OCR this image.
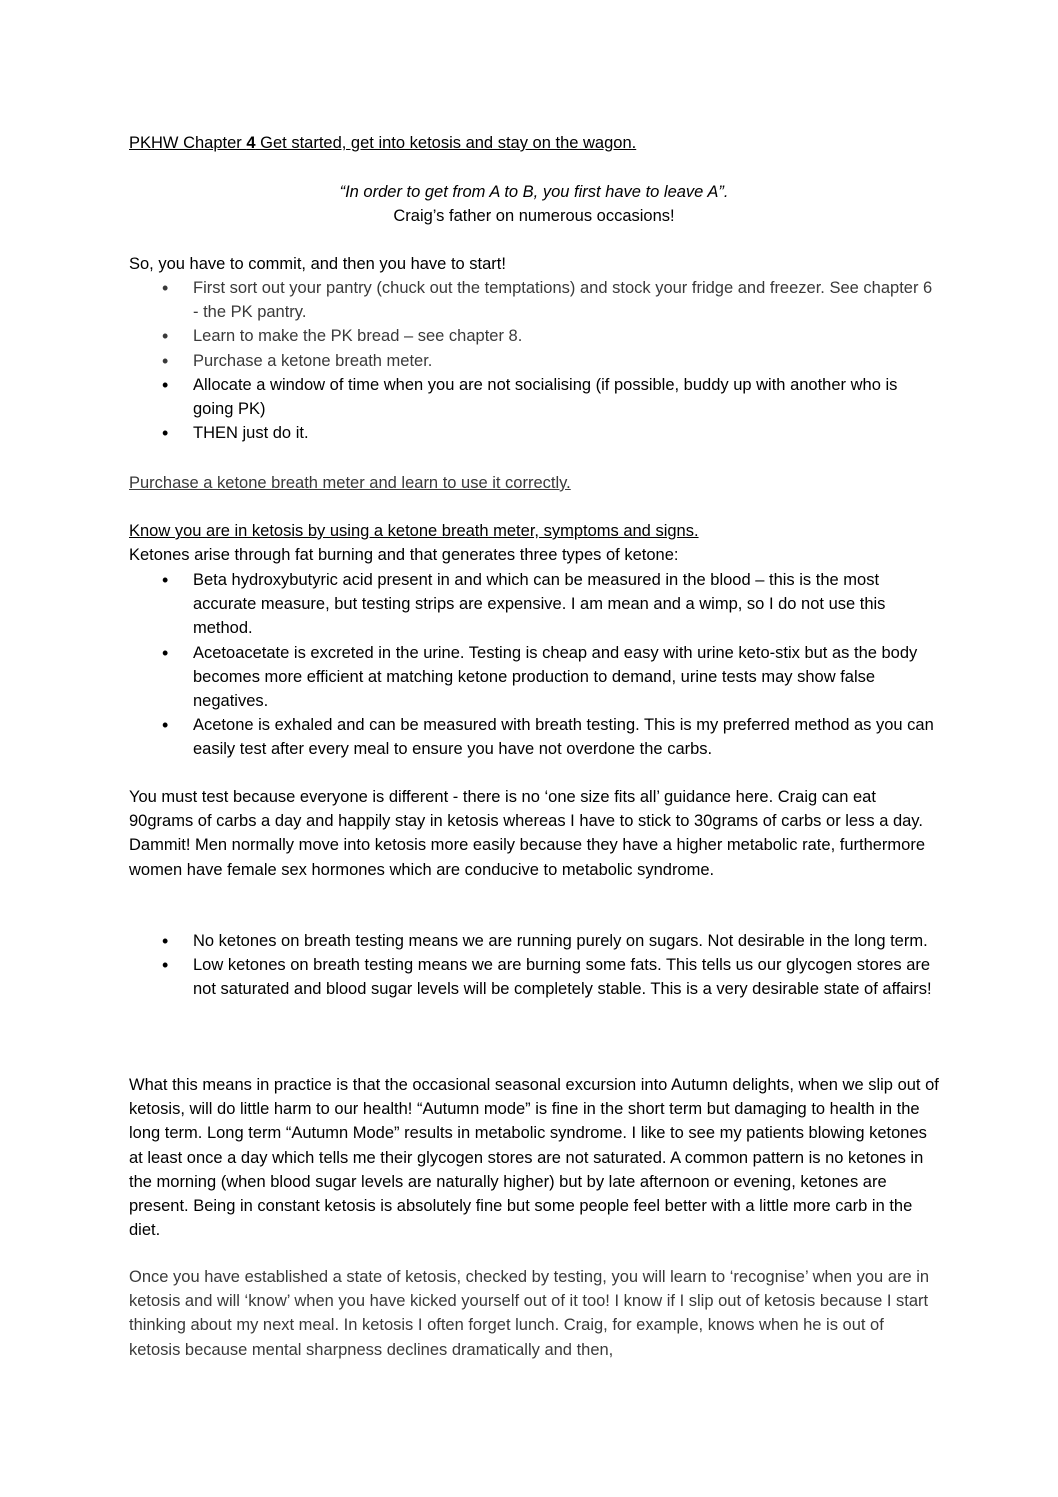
PKHW Chapter 4 Get started, get into ketosis and stay on the wagon.

“In order to get from A to B, you first have to leave A”.

Craig’s father on numerous occasions!

So, you have to commit, and then you have to start!

• First sort out your pantry (chuck out the temptations) and stock your fridge and freezer. See chapter 6 - the PK pantry.
• Learn to make the PK bread – see chapter 8.
• Purchase a ketone breath meter.
• Allocate a window of time when you are not socialising (if possible, buddy up with another who is going PK)
• THEN just do it.

Purchase a ketone breath meter and learn to use it correctly.

Know you are in ketosis by using a ketone breath meter, symptoms and signs.

Ketones arise through fat burning and that generates three types of ketone:

• Beta hydroxybutyric acid present in and which can be measured in the blood – this is the most accurate measure, but testing strips are expensive. I am mean and a wimp, so I do not use this method.
• Acetoacetate is excreted in the urine. Testing is cheap and easy with urine keto-stix but as the body becomes more efficient at matching ketone production to demand, urine tests may show false negatives.
• Acetone is exhaled and can be measured with breath testing. This is my preferred method as you can easily test after every meal to ensure you have not overdone the carbs.

You must test because everyone is different - there is no ‘one size fits all’ guidance here. Craig can eat 90grams of carbs a day and happily stay in ketosis whereas I have to stick to 30grams of carbs or less a day. Dammit! Men normally move into ketosis more easily because they have a higher metabolic rate, furthermore women have female sex hormones which are conducive to metabolic syndrome.

• No ketones on breath testing means we are running purely on sugars. Not desirable in the long term.
• Low ketones on breath testing means we are burning some fats. This tells us our glycogen stores are not saturated and blood sugar levels will be completely stable. This is a very desirable state of affairs!

What this means in practice is that the occasional seasonal excursion into Autumn delights, when we slip out of ketosis, will do little harm to our health! “Autumn mode” is fine in the short term but damaging to health in the long term. Long term “Autumn Mode” results in metabolic syndrome. I like to see my patients blowing ketones at least once a day which tells me their glycogen stores are not saturated. A common pattern is no ketones in the morning (when blood sugar levels are naturally higher) but by late afternoon or evening, ketones are present. Being in constant ketosis is absolutely fine but some people feel better with a little more carb in the diet.

Once you have established a state of ketosis, checked by testing, you will learn to ‘recognise’ when you are in ketosis and will ‘know’ when you have kicked yourself out of it too! I know if I slip out of ketosis because I start thinking about my next meal. In ketosis I often forget lunch. Craig, for example, knows when he is out of ketosis because mental sharpness declines dramatically and then,
